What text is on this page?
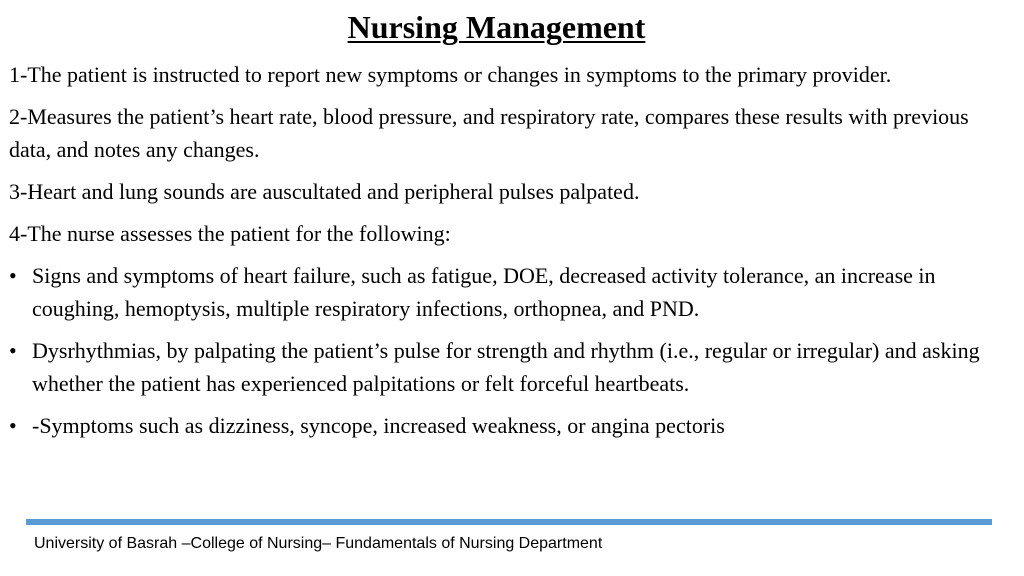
Nursing Management

1-The patient is instructed to report new symptoms or changes in symptoms to the primary provider.

2-Measures the patient’s heart rate, blood pressure, and respiratory rate, compares these results with previous data, and notes any changes.

3-Heart and lung sounds are auscultated and peripheral pulses palpated.

4-The nurse assesses the patient for the following:

• Signs and symptoms of heart failure, such as fatigue, DOE, decreased activity tolerance, an increase in coughing, hemoptysis, multiple respiratory infections, orthopnea, and PND.
• Dysrhythmias, by palpating the patient’s pulse for strength and rhythm (i.e., regular or irregular) and asking whether the patient has experienced palpitations or felt forceful heartbeats.
• -Symptoms such as dizziness, syncope, increased weakness, or angina pectoris
University of Basrah –College of Nursing– Fundamentals of Nursing Department
